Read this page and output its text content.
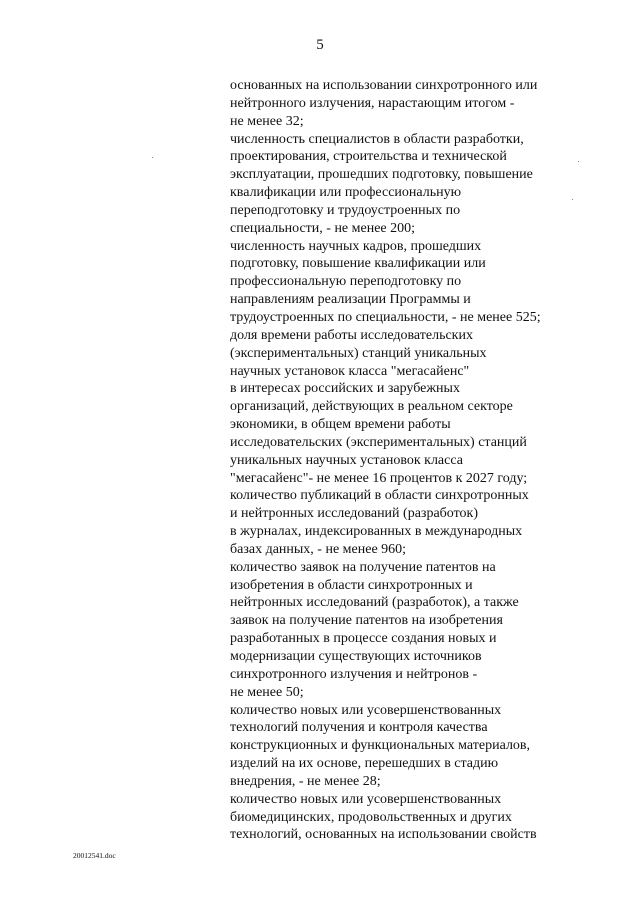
5
основанных на использовании синхротронного или
нейтронного излучения, нарастающим итогом -
не менее 32;
численность специалистов в области разработки,
проектирования, строительства и технической
эксплуатации, прошедших подготовку, повышение
квалификации или профессиональную
переподготовку и трудоустроенных по
специальности, - не менее 200;
численность научных кадров, прошедших
подготовку, повышение квалификации или
профессиональную переподготовку по
направлениям реализации Программы и
трудоустроенных по специальности, - не менее 525;
доля времени работы исследовательских
(экспериментальных) станций уникальных
научных установок класса "мегасайенс"
в интересах российских и зарубежных
организаций, действующих в реальном секторе
экономики, в общем времени работы
исследовательских (экспериментальных) станций
уникальных научных установок класса
"мегасайенс"- не менее 16 процентов к 2027 году;
количество публикаций в области синхротронных
и нейтронных исследований (разработок)
в журналах, индексированных в международных
базах данных, - не менее 960;
количество заявок на получение патентов на
изобретения в области синхротронных и
нейтронных исследований (разработок), а также
заявок на получение патентов на изобретения
разработанных в процессе создания новых и
модернизации существующих источников
синхротронного излучения и нейтронов -
не менее 50;
количество новых или усовершенствованных
технологий получения и контроля качества
конструкционных и функциональных материалов,
изделий на их основе, перешедших в стадию
внедрения, - не менее 28;
количество новых или усовершенствованных
биомедицинских, продовольственных и других
технологий, основанных на использовании свойств
20012541.doc
